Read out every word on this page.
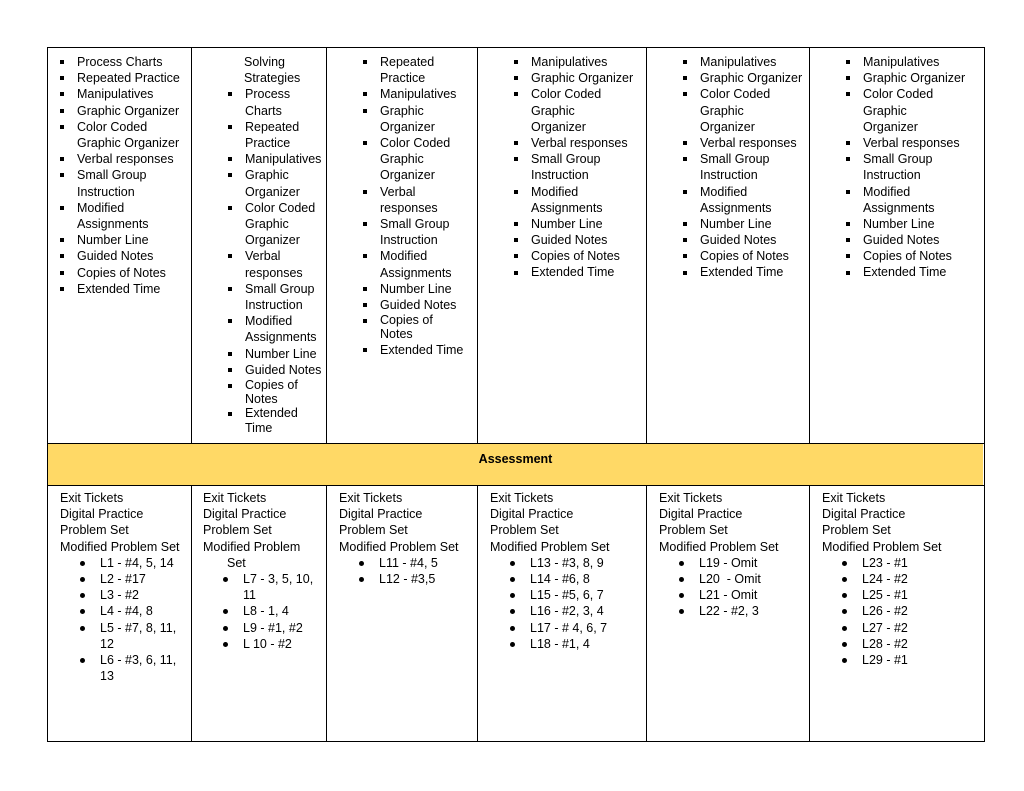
Assessment
Process Charts
Repeated Practice
Manipulatives
Graphic Organizer
Color Coded Graphic Organizer
Verbal responses
Small Group Instruction
Modified Assignments
Number Line
Guided Notes
Copies of Notes
Extended Time
Solving Strategies
Process Charts
Repeated Practice
Manipulatives
Graphic Organizer
Color Coded Graphic Organizer
Verbal responses
Small Group Instruction
Modified Assignments
Number Line
Guided Notes
Copies of Notes
Extended Time
Repeated Practice
Manipulatives
Graphic Organizer
Color Coded Graphic Organizer
Verbal responses
Small Group Instruction
Modified Assignments
Number Line
Guided Notes
Copies of Notes
Extended Time
Manipulatives
Graphic Organizer
Color Coded Graphic Organizer
Verbal responses
Small Group Instruction
Modified Assignments
Number Line
Guided Notes
Copies of Notes
Extended Time
Manipulatives
Graphic Organizer
Color Coded Graphic Organizer
Verbal responses
Small Group Instruction
Modified Assignments
Number Line
Guided Notes
Copies of Notes
Extended Time
Manipulatives
Graphic Organizer
Color Coded Graphic Organizer
Verbal responses
Small Group Instruction
Modified Assignments
Number Line
Guided Notes
Copies of Notes
Extended Time
Exit Tickets
Digital Practice
Problem Set
Modified Problem Set
L1 - #4, 5, 14
L2 - #17
L3 - #2
L4 - #4, 8
L5 - #7, 8, 11, 12
L6 - #3, 6, 11, 13
Exit Tickets
Digital Practice
Problem Set
Modified Problem
Set
L7 - 3, 5, 10, 11
L8 - 1, 4
L9 - #1, #2
L 10 - #2
Exit Tickets
Digital Practice
Problem Set
Modified Problem Set
L11 - #4, 5
L12 - #3,5
Exit Tickets
Digital Practice
Problem Set
Modified Problem Set
L13 - #3, 8, 9
L14 - #6, 8
L15 - #5, 6, 7
L16 - #2, 3, 4
L17 - # 4, 6, 7
L18 - #1, 4
Exit Tickets
Digital Practice
Problem Set
Modified Problem Set
L19 - Omit
L20  - Omit
L21 - Omit
L22 - #2, 3
Exit Tickets
Digital Practice
Problem Set
Modified Problem Set
L23 - #1
L24 - #2
L25 - #1
L26 - #2
L27 - #2
L28 - #2
L29 - #1
